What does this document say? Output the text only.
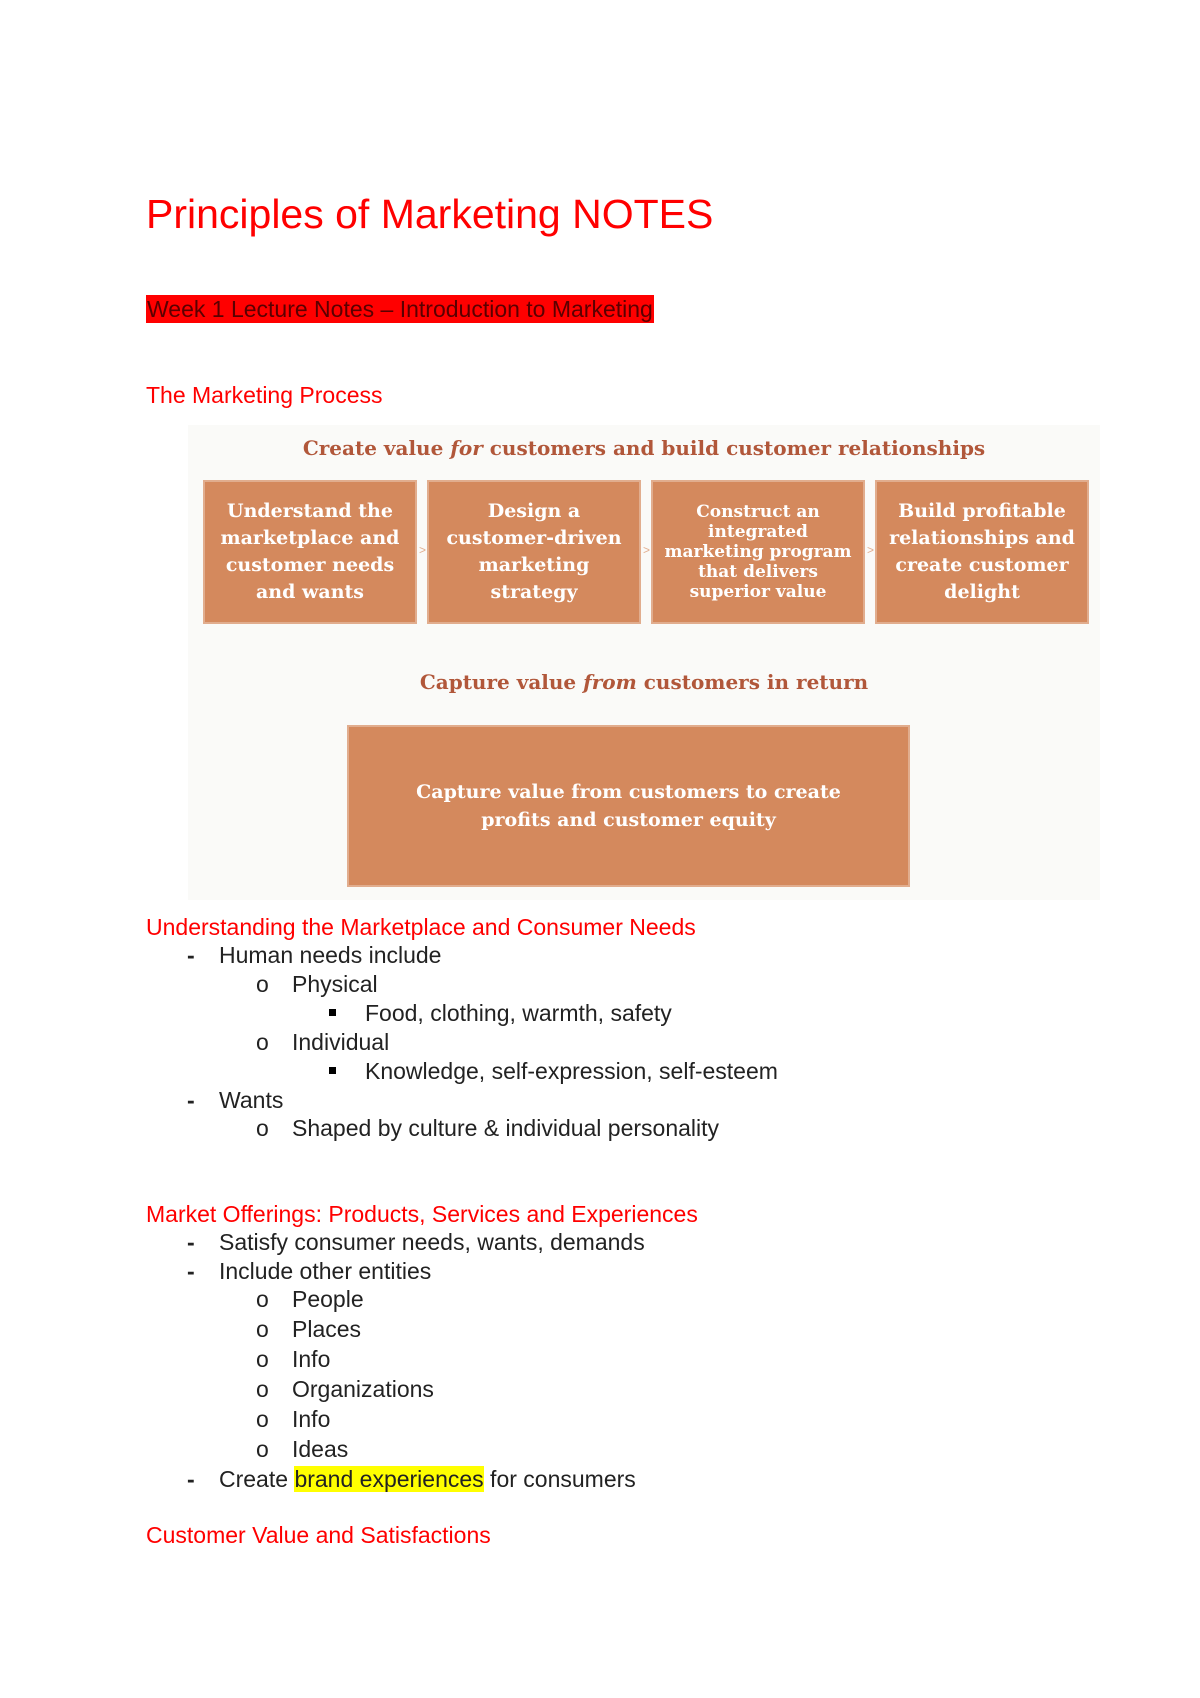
Principles of Marketing NOTES
Week 1 Lecture Notes – Introduction to Marketing
The Marketing Process
Create value for customers and build customer relationships
Understand the marketplace and customer needs and wants
>
Design a customer-driven marketing strategy
>
Construct an integrated marketing program that delivers superior value
>
Build profitable relationships and create customer delight
Capture value from customers in return
Capture value from customers to create profits and customer equity
Understanding the Marketplace and Consumer Needs
- Human needs include
o Physical
Food, clothing, warmth, safety
o Individual
Knowledge, self-expression, self-esteem
- Wants
o Shaped by culture & individual personality
Market Offerings: Products, Services and Experiences
- Satisfy consumer needs, wants, demands
- Include other entities
o People
o Places
o Info
o Organizations
o Info
o Ideas
- Create brand experiences for consumers
Customer Value and Satisfactions
